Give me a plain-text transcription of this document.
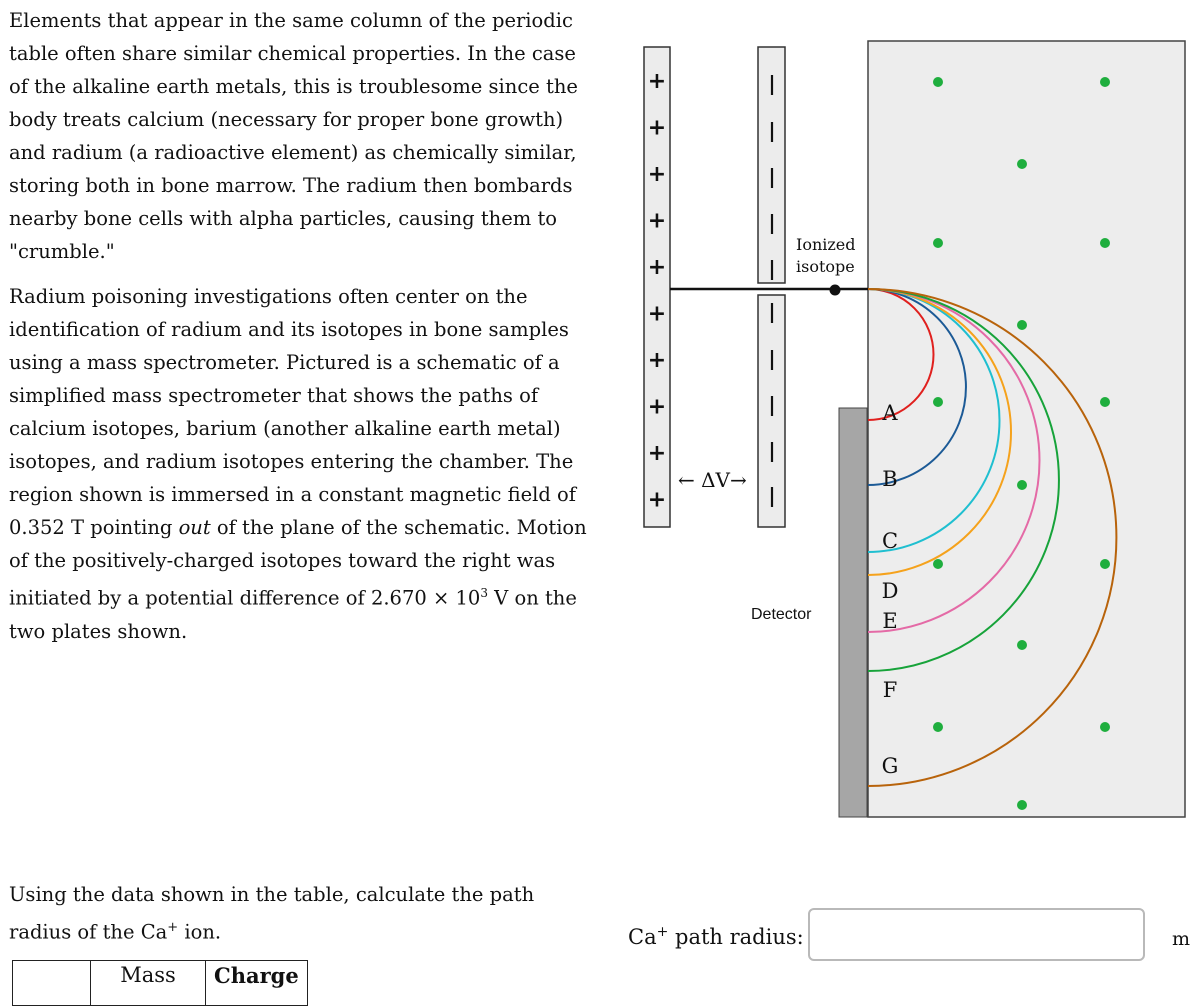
Elements that appear in the same column of the periodic table often share similar chemical properties. In the case of the alkaline earth metals, this is troublesome since the body treats calcium (necessary for proper bone growth) and radium (a radioactive element) as chemically similar, storing both in bone marrow. The radium then bombards nearby bone cells with alpha particles, causing them to "crumble."

Radium poisoning investigations often center on the identification of radium and its isotopes in bone samples using a mass spectrometer. Pictured is a schematic of a simplified mass spectrometer that shows the paths of calcium isotopes, barium (another alkaline earth metal) isotopes, and radium isotopes entering the chamber. The region shown is immersed in a constant magnetic field of 0.352 T pointing out of the plane of the schematic. Motion of the positively-charged isotopes toward the right was initiated by a potential difference of $2.670 \times 10^3$ V on the two plates shown.

+
+
+
+
+
+
+
+
+
+
A
B
C
D
E
F
G
← ΔV→
Ionized
isotope
Detector
Using the data shown in the table, calculate the path radius of the Ca+ ion.	Ca+ path radius:	m
	Mass	Charge
